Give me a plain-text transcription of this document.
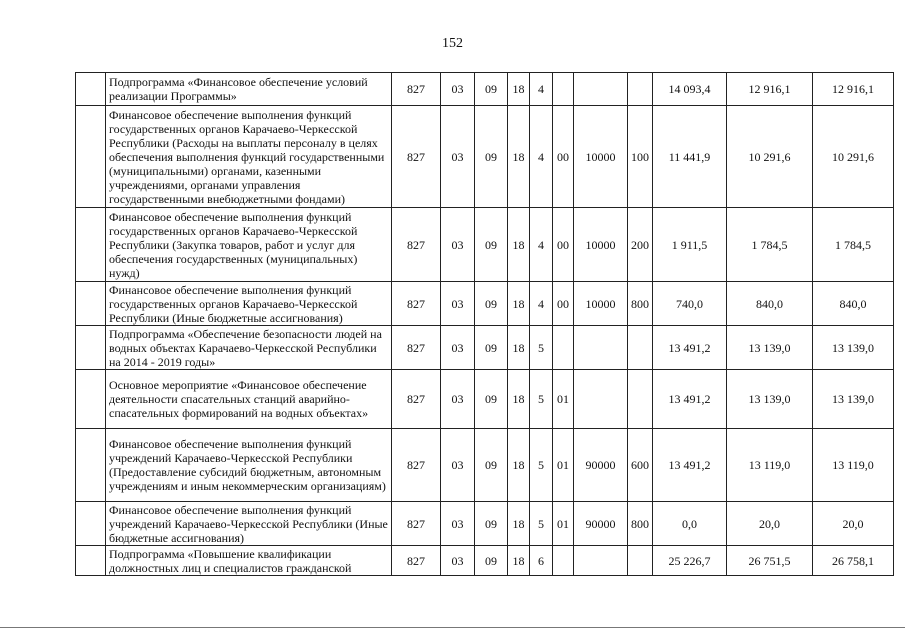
152
	Подпрограмма «Финансовое обеспечение условий реализации Программы»	827	03	09	18	4				14 093,4	12 916,1	12 916,1
	Финансовое обеспечение выполнения функций государственных органов Карачаево-Черкесской Республики (Расходы на выплаты персоналу в целях обеспечения выполнения функций государственными (муниципальными) органами, казенными учреждениями, органами управления государственными внебюджетными фондами)	827	03	09	18	4	00	10000	100	11 441,9	10 291,6	10 291,6
	Финансовое обеспечение выполнения функций государственных органов Карачаево-Черкесской Республики (Закупка товаров, работ и услуг для обеспечения государственных (муниципальных) нужд)	827	03	09	18	4	00	10000	200	1 911,5	1 784,5	1 784,5
	Финансовое обеспечение выполнения функций государственных органов Карачаево-Черкесской Республики (Иные бюджетные ассигнования)	827	03	09	18	4	00	10000	800	740,0	840,0	840,0
	Подпрограмма «Обеспечение безопасности людей на водных объектах Карачаево-Черкесской Республики на 2014 - 2019 годы»	827	03	09	18	5				13 491,2	13 139,0	13 139,0
	Основное мероприятие «Финансовое обеспечение деятельности спасательных станций аварийно-спасательных формирований на водных объектах»	827	03	09	18	5	01			13 491,2	13 139,0	13 139,0
	Финансовое обеспечение выполнения функций учреждений Карачаево-Черкесской Республики (Предоставление субсидий бюджетным, автономным учреждениям и иным некоммерческим организациям)	827	03	09	18	5	01	90000	600	13 491,2	13 119,0	13 119,0
	Финансовое обеспечение выполнения функций учреждений Карачаево-Черкесской Республики (Иные бюджетные ассигнования)	827	03	09	18	5	01	90000	800	0,0	20,0	20,0
	Подпрограмма «Повышение квалификации должностных лиц и специалистов гражданской	827	03	09	18	6				25 226,7	26 751,5	26 758,1
